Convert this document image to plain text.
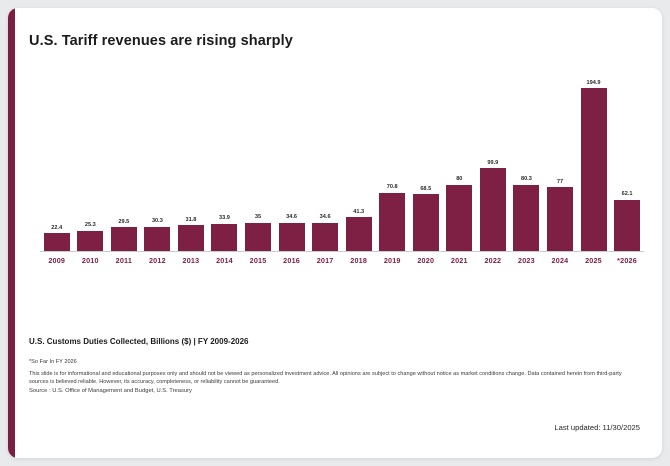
U.S. Tariff revenues are rising sharply
22.4	25.3
29.5	30.3	31.8	33.9	35	34.6	34.6
41.3
70.8	68.5
80
99.9
80.3	77
194.9
62.1
2009	2010	2011	2012	2013	2014	2015	2016	2017	2018	2019	2020	2021	2022	2023	2024	2025	*2026
U.S. Customs Duties Collected, Billions ($) | FY 2009-2026
*So Far In FY 2026
This slide is for informational and educational purposes only and should not be viewed as personalized investment advice. All opinions are subject to change without notice as market conditions change. Data contained herein from third-party sources is believed reliable. However, its accuracy, completeness, or reliability cannot be guaranteed.
Source : U.S. Office of Management and Budget, U.S. Treasury
Last updated: 11/30/2025
